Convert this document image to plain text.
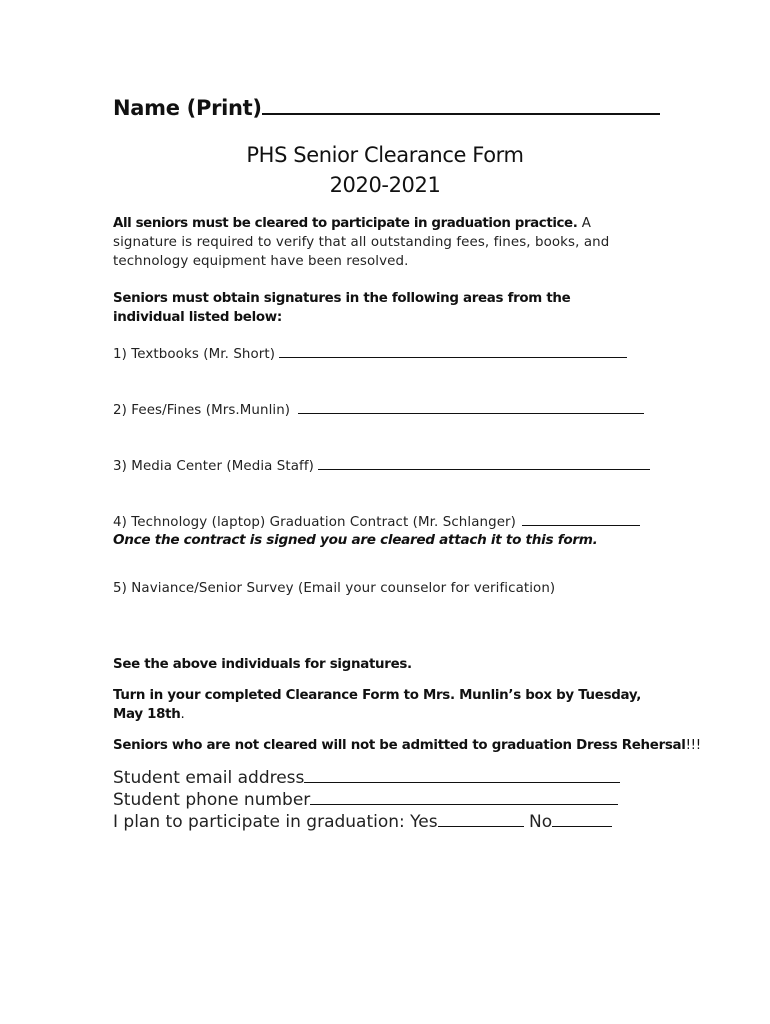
Name (Print)
PHS Senior Clearance Form
2020-2021
All seniors must be cleared to participate in graduation practice. A signature is required to verify that all outstanding fees, fines, books, and technology equipment have been resolved.
Seniors must obtain signatures in the following areas from the individual listed below:
1) Textbooks (Mr. Short)
2) Fees/Fines (Mrs.Munlin)
3) Media Center (Media Staff)
4) Technology (laptop) Graduation Contract (Mr. Schlanger)
Once the contract is signed you are cleared attach it to this form.
5) Naviance/Senior Survey (Email your counselor for verification)
See the above individuals for signatures.
Turn in your completed Clearance Form to Mrs. Munlin’s box by Tuesday, May 18th.
Seniors who are not cleared will not be admitted to graduation Dress Rehersal!!!
Student email address
Student phone number
I plan to participate in graduation: Yes	No
